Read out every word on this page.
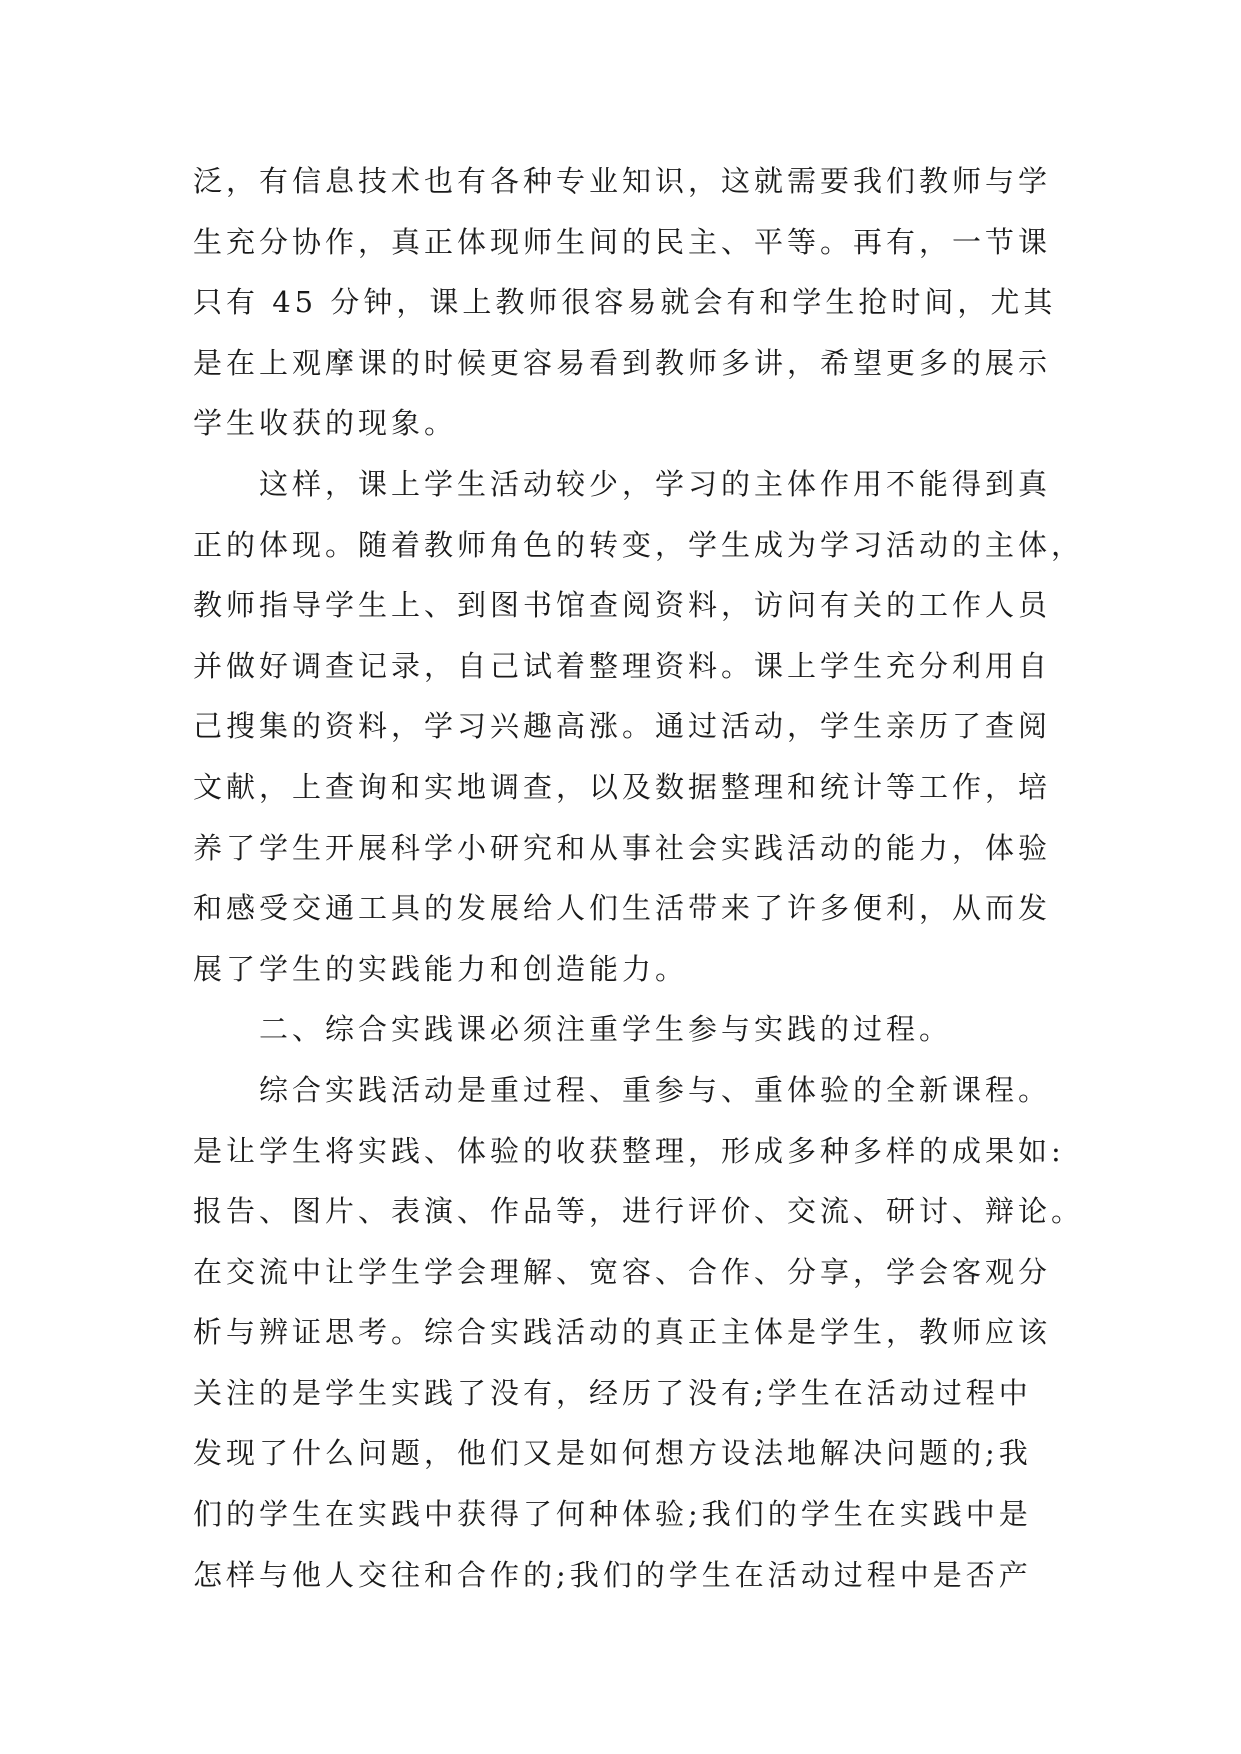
泛，有信息技术也有各种专业知识，这就需要我们教师与学
生充分协作，真正体现师生间的民主、平等。再有，一节课
只有 45 分钟，课上教师很容易就会有和学生抢时间，尤其
是在上观摩课的时候更容易看到教师多讲，希望更多的展示
学生收获的现象。
　　这样，课上学生活动较少，学习的主体作用不能得到真
正的体现。随着教师角色的转变，学生成为学习活动的主体，
教师指导学生上、到图书馆查阅资料，访问有关的工作人员
并做好调查记录，自己试着整理资料。课上学生充分利用自
己搜集的资料，学习兴趣高涨。通过活动，学生亲历了查阅
文献，上查询和实地调查，以及数据整理和统计等工作，培
养了学生开展科学小研究和从事社会实践活动的能力，体验
和感受交通工具的发展给人们生活带来了许多便利，从而发
展了学生的实践能力和创造能力。
　　二、综合实践课必须注重学生参与实践的过程。
　　综合实践活动是重过程、重参与、重体验的全新课程。
是让学生将实践、体验的收获整理，形成多种多样的成果如:
报告、图片、表演、作品等，进行评价、交流、研讨、辩论。
在交流中让学生学会理解、宽容、合作、分享，学会客观分
析与辨证思考。综合实践活动的真正主体是学生，教师应该
关注的是学生实践了没有，经历了没有;学生在活动过程中
发现了什么问题，他们又是如何想方设法地解决问题的;我
们的学生在实践中获得了何种体验;我们的学生在实践中是
怎样与他人交往和合作的;我们的学生在活动过程中是否产
